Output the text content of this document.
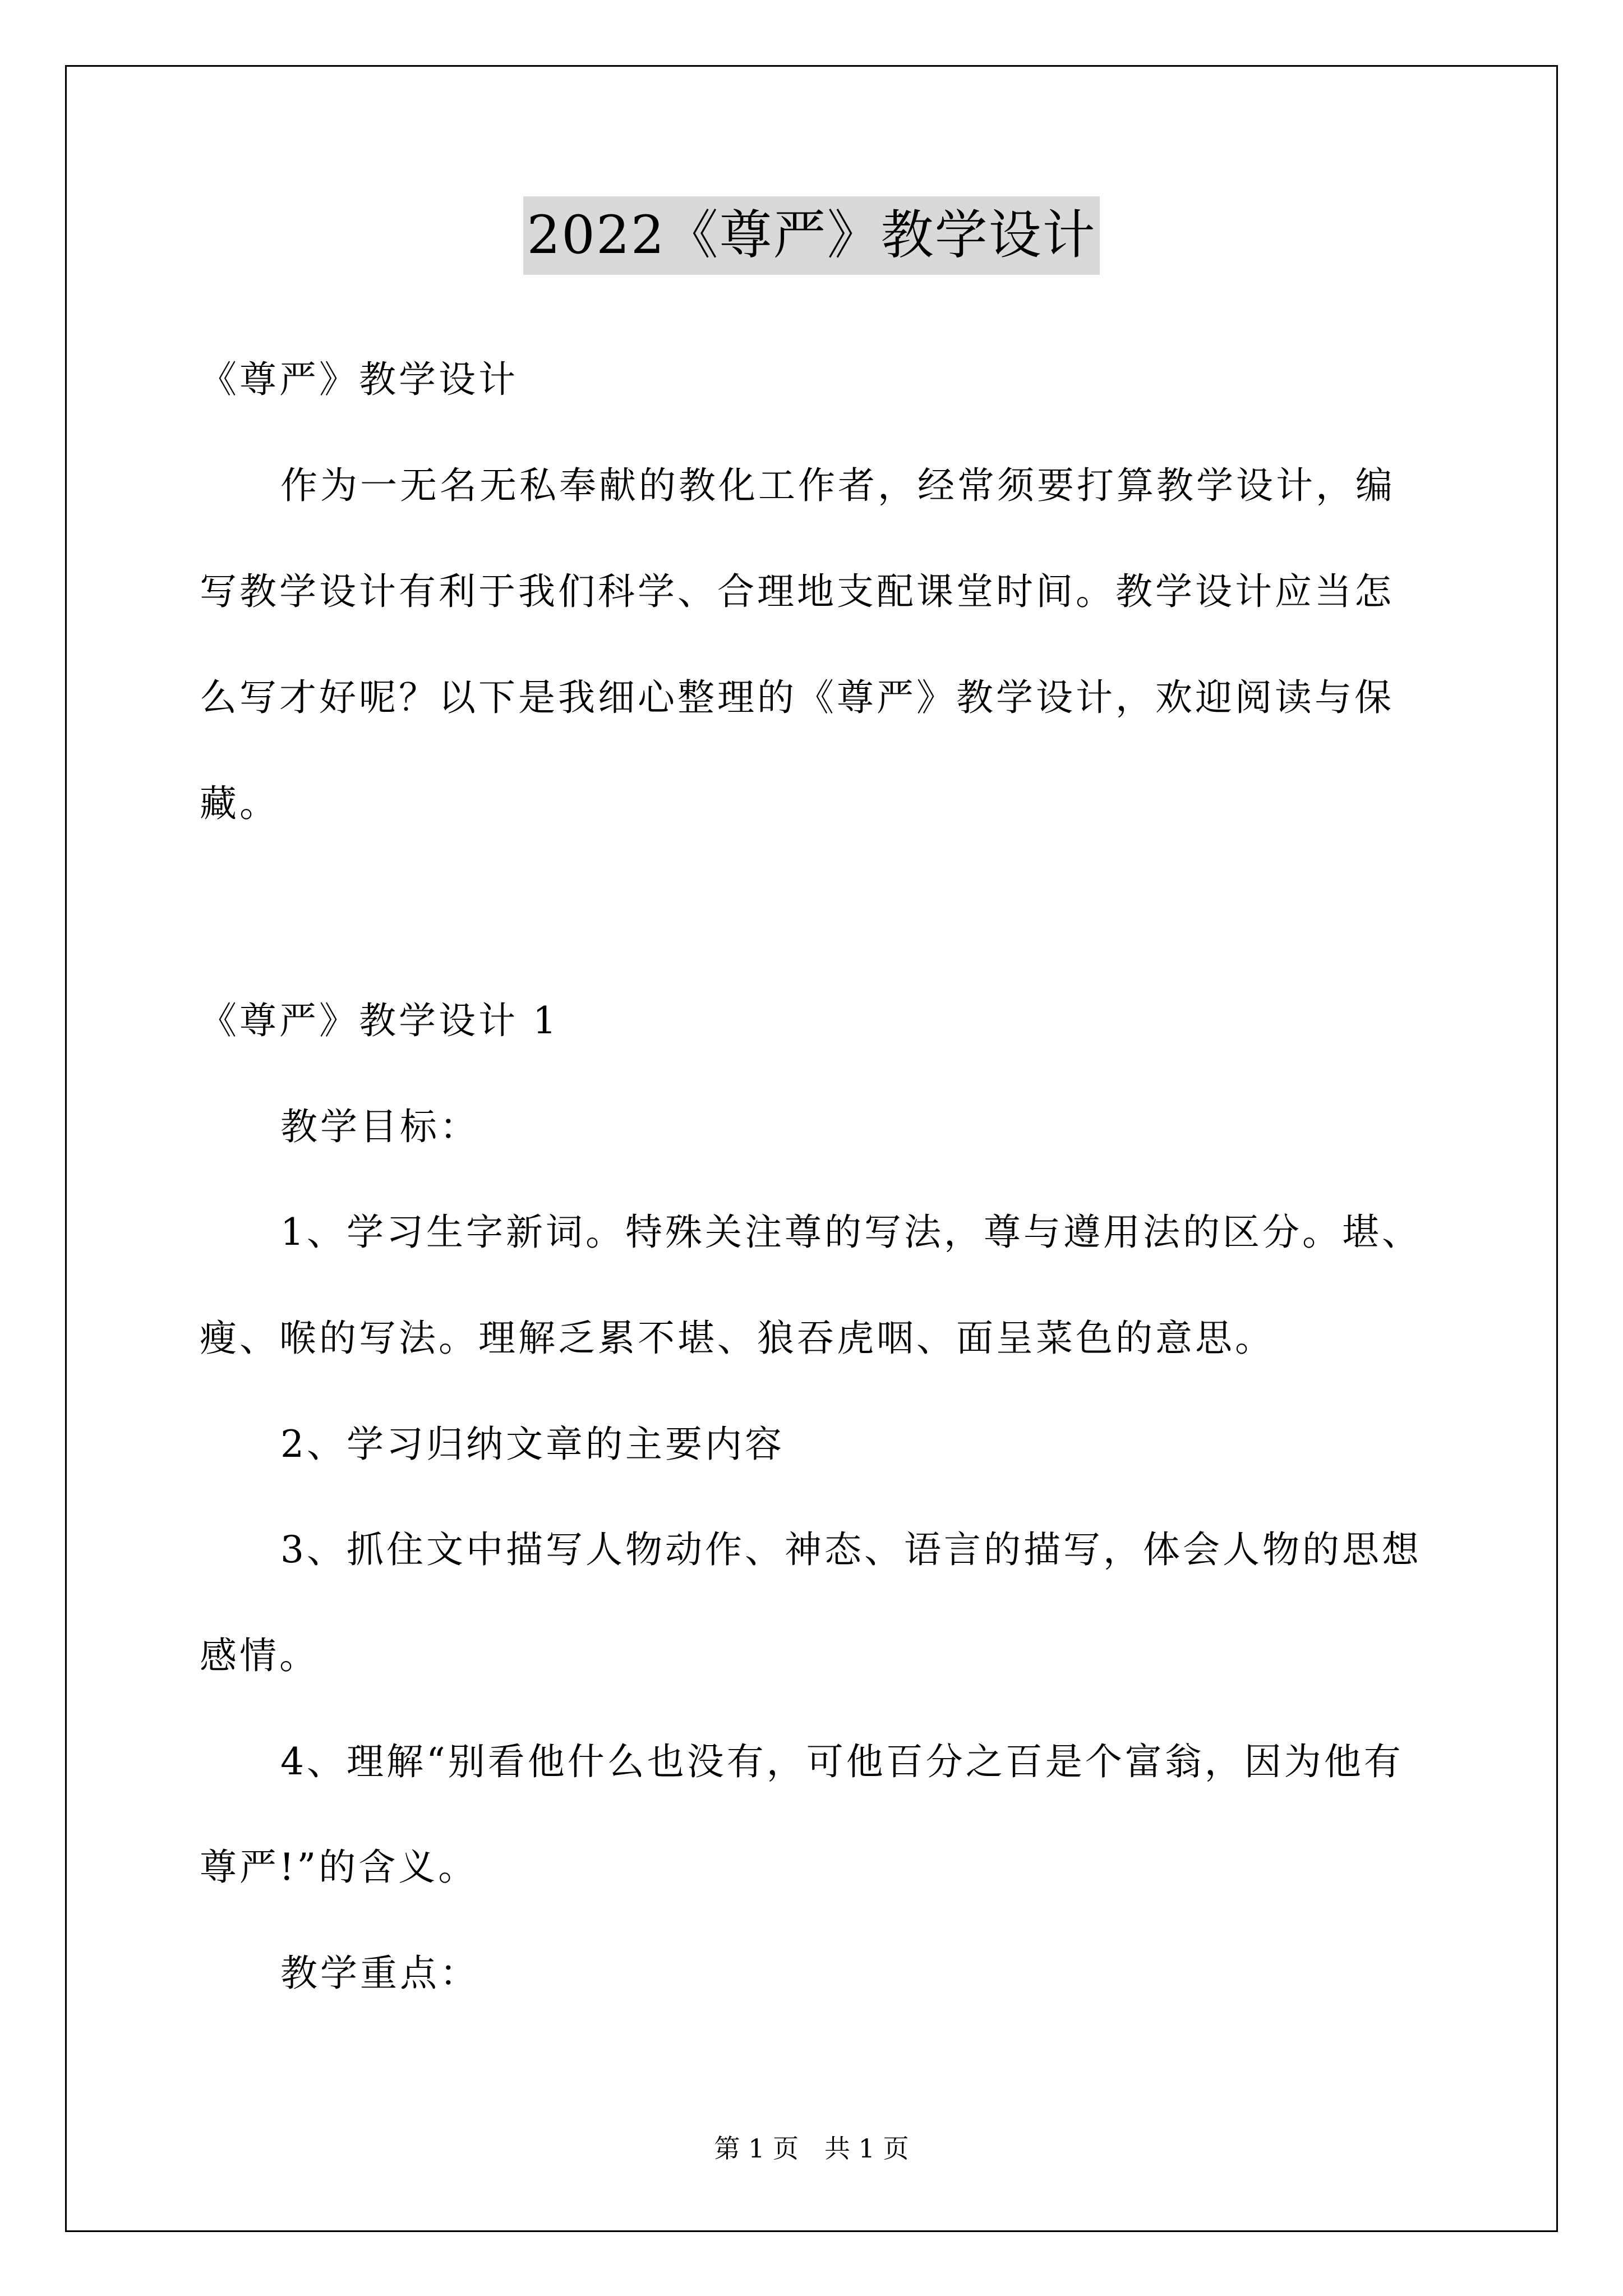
2022《尊严》教学设计
《尊严》教学设计
作为一无名无私奉献的教化工作者，经常须要打算教学设计，编
写教学设计有利于我们科学、合理地支配课堂时间。教学设计应当怎
么写才好呢？以下是我细心整理的《尊严》教学设计，欢迎阅读与保
藏。
《尊严》教学设计 1
教学目标：
1、学习生字新词。特殊关注尊的写法，尊与遵用法的区分。堪、
瘦、喉的写法。理解乏累不堪、狼吞虎咽、面呈菜色的意思。
2、学习归纳文章的主要内容
3、抓住文中描写人物动作、神态、语言的描写，体会人物的思想
感情。
4、理解“别看他什么也没有，可他百分之百是个富翁，因为他有
尊严!”的含义。
教学重点：
第 1 页　共 1 页
